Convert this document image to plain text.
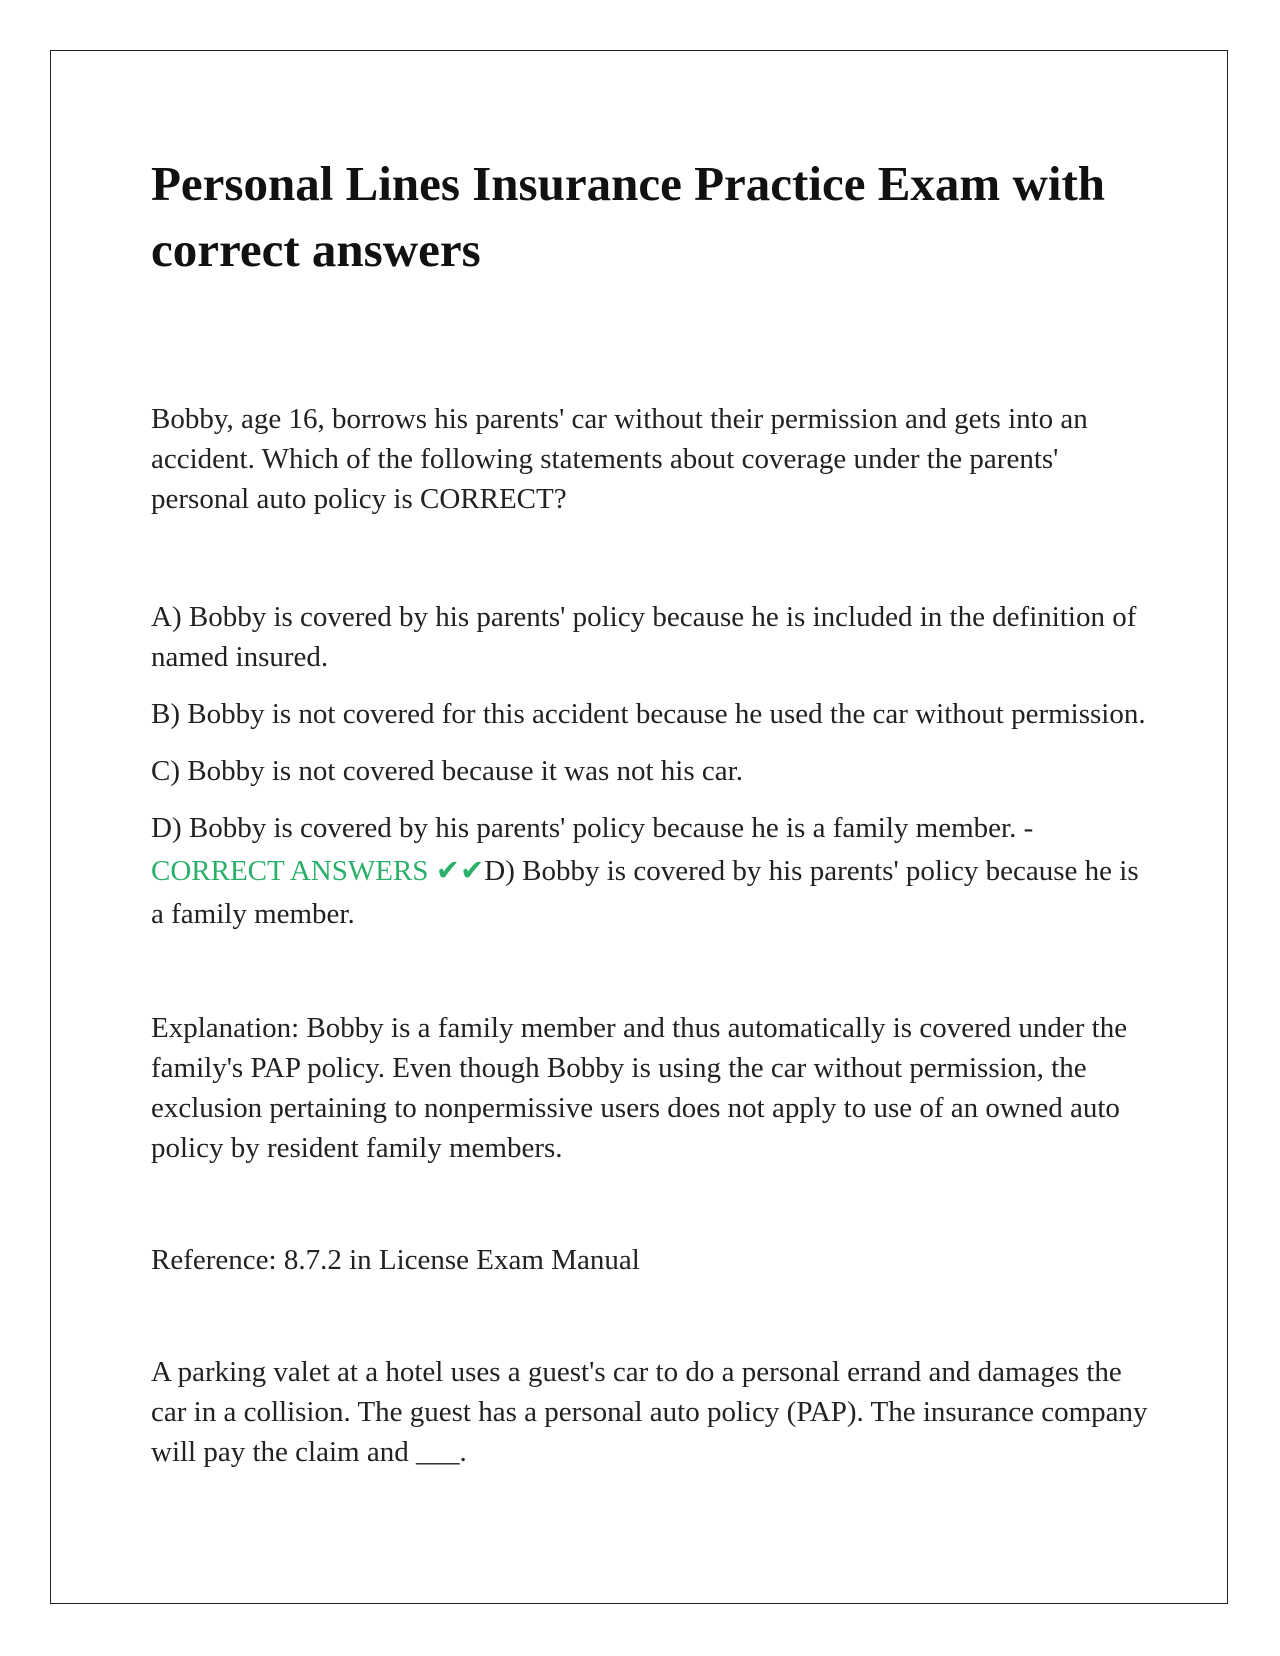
Personal Lines Insurance Practice Exam with correct answers

Bobby, age 16, borrows his parents' car without their permission and gets into an accident. Which of the following statements about coverage under the parents' personal auto policy is CORRECT?

A) Bobby is covered by his parents' policy because he is included in the definition of named insured.

B) Bobby is not covered for this accident because he used the car without permission.

C) Bobby is not covered because it was not his car.

D) Bobby is covered by his parents' policy because he is a family member. - CORRECT ANSWERS ✔✔D) Bobby is covered by his parents' policy because he is a family member.

Explanation: Bobby is a family member and thus automatically is covered under the family's PAP policy. Even though Bobby is using the car without permission, the exclusion pertaining to nonpermissive users does not apply to use of an owned auto policy by resident family members.

Reference: 8.7.2 in License Exam Manual

A parking valet at a hotel uses a guest's car to do a personal errand and damages the car in a collision. The guest has a personal auto policy (PAP). The insurance company will pay the claim and ___.
